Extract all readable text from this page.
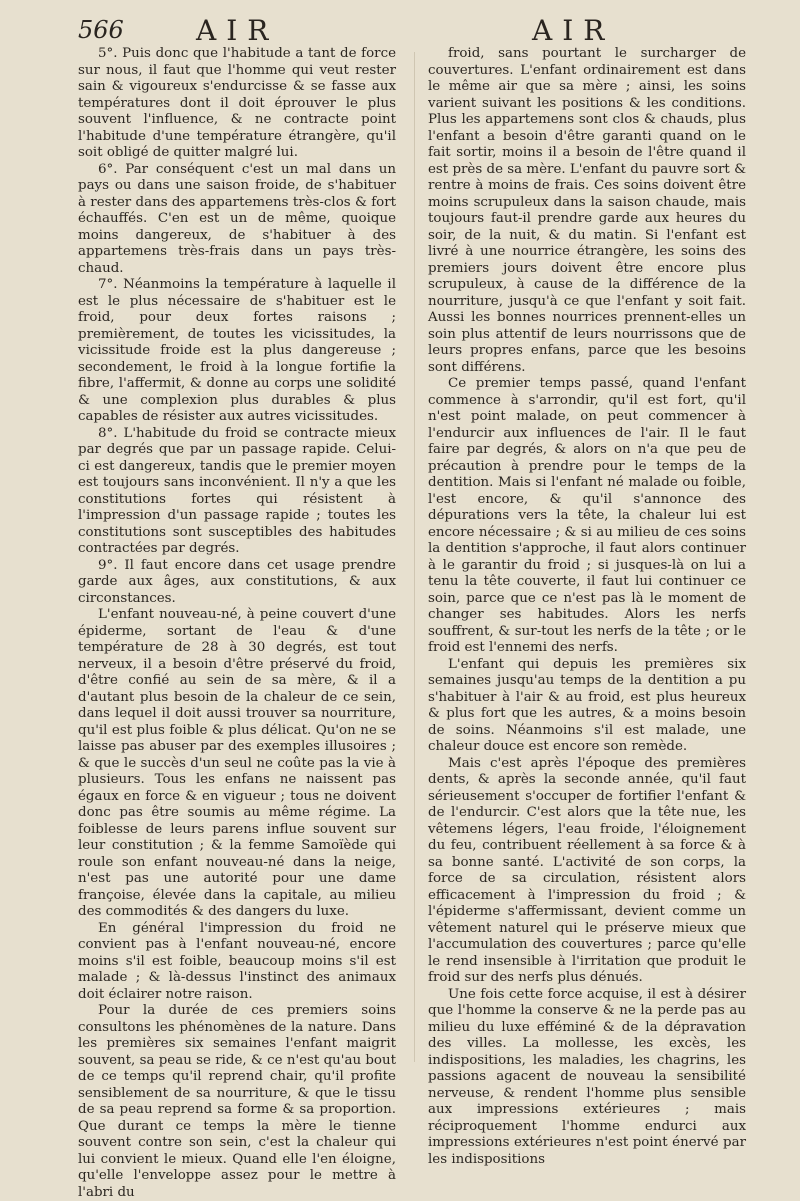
566	AIR	AIR

5°. Puis donc que l'habitude a tant de force sur nous, il faut que l'homme qui veut rester sain & vigoureux s'endurcisse & se fasse aux températures dont il doit éprouver le plus souvent l'influence, & ne contracte point l'habitude d'une température étrangère, qu'il soit obligé de quitter malgré lui.

6°. Par conséquent c'est un mal dans un pays ou dans une saison froide, de s'habituer à rester dans des appartemens très-clos & fort échauffés. C'en est un de même, quoique moins dangereux, de s'habituer à des appartemens très-frais dans un pays très-chaud.

7°. Néanmoins la température à laquelle il est le plus nécessaire de s'habituer est le froid, pour deux fortes raisons ; premièrement, de toutes les vicissitudes, la vicissitude froide est la plus dangereuse ; secondement, le froid à la longue fortifie la fibre, l'affermit, & donne au corps une solidité & une complexion plus durables & plus capables de résister aux autres vicissitudes.

8°. L'habitude du froid se contracte mieux par degrés que par un passage rapide. Celui-ci est dangereux, tandis que le premier moyen est toujours sans inconvénient. Il n'y a que les constitutions fortes qui résistent à l'impression d'un passage rapide ; toutes les constitutions sont susceptibles des habitudes contractées par degrés.

9°. Il faut encore dans cet usage prendre garde aux âges, aux constitutions, & aux circonstances.

L'enfant nouveau-né, à peine couvert d'une épiderme, sortant de l'eau & d'une température de 28 à 30 degrés, est tout nerveux, il a besoin d'être préservé du froid, d'être confié au sein de sa mère, & il a d'autant plus besoin de la chaleur de ce sein, dans lequel il doit aussi trouver sa nourriture, qu'il est plus foible & plus délicat. Qu'on ne se laisse pas abuser par des exemples illusoires ; & que le succès d'un seul ne coûte pas la vie à plusieurs. Tous les enfans ne naissent pas égaux en force & en vigueur ; tous ne doivent donc pas être soumis au même régime. La foiblesse de leurs parens influe souvent sur leur constitution ; & la femme Samoïède qui roule son enfant nouveau-né dans la neige, n'est pas une autorité pour une dame françoise, élevée dans la capitale, au milieu des commodités & des dangers du luxe.

En général l'impression du froid ne convient pas à l'enfant nouveau-né, encore moins s'il est foible, beaucoup moins s'il est malade ; & là-dessus l'instinct des animaux doit éclairer notre raison.

Pour la durée de ces premiers soins consultons les phénomènes de la nature. Dans les premières six semaines l'enfant maigrit souvent, sa peau se ride, & ce n'est qu'au bout de ce temps qu'il reprend chair, qu'il profite sensiblement de sa nourriture, & que le tissu de sa peau reprend sa forme & sa proportion. Que durant ce temps la mère le tienne souvent contre son sein, c'est la chaleur qui lui convient le mieux. Quand elle l'en éloigne, qu'elle l'enveloppe assez pour le mettre à l'abri du

froid, sans pourtant le surcharger de couvertures. L'enfant ordinairement est dans le même air que sa mère ; ainsi, les soins varient suivant les positions & les conditions. Plus les appartemens sont clos & chauds, plus l'enfant a besoin d'être garanti quand on le fait sortir, moins il a besoin de l'être quand il est près de sa mère. L'enfant du pauvre sort & rentre à moins de frais. Ces soins doivent être moins scrupuleux dans la saison chaude, mais toujours faut-il prendre garde aux heures du soir, de la nuit, & du matin. Si l'enfant est livré à une nourrice étrangère, les soins des premiers jours doivent être encore plus scrupuleux, à cause de la différence de la nourriture, jusqu'à ce que l'enfant y soit fait. Aussi les bonnes nourrices prennent-elles un soin plus attentif de leurs nourrissons que de leurs propres enfans, parce que les besoins sont différens.

Ce premier temps passé, quand l'enfant commence à s'arrondir, qu'il est fort, qu'il n'est point malade, on peut commencer à l'endurcir aux influences de l'air. Il le faut faire par degrés, & alors on n'a que peu de précaution à prendre pour le temps de la dentition. Mais si l'enfant né malade ou foible, l'est encore, & qu'il s'annonce des dépurations vers la tête, la chaleur lui est encore nécessaire ; & si au milieu de ces soins la dentition s'approche, il faut alors continuer à le garantir du froid ; si jusques-là on lui a tenu la tête couverte, il faut lui continuer ce soin, parce que ce n'est pas là le moment de changer ses habitudes. Alors les nerfs souffrent, & sur-tout les nerfs de la tête ; or le froid est l'ennemi des nerfs.

L'enfant qui depuis les premières six semaines jusqu'au temps de la dentition a pu s'habituer à l'air & au froid, est plus heureux & plus fort que les autres, & a moins besoin de soins. Néanmoins s'il est malade, une chaleur douce est encore son remède.

Mais c'est après l'époque des premières dents, & après la seconde année, qu'il faut sérieusement s'occuper de fortifier l'enfant & de l'endurcir. C'est alors que la tête nue, les vêtemens légers, l'eau froide, l'éloignement du feu, contribuent réellement à sa force & à sa bonne santé. L'activité de son corps, la force de sa circulation, résistent alors efficacement à l'impression du froid ; & l'épiderme s'affermissant, devient comme un vêtement naturel qui le préserve mieux que l'accumulation des couvertures ; parce qu'elle le rend insensible à l'irritation que produit le froid sur des nerfs plus dénués.

Une fois cette force acquise, il est à désirer que l'homme la conserve & ne la perde pas au milieu du luxe efféminé & de la dépravation des villes. La mollesse, les excès, les indispositions, les maladies, les chagrins, les passions agacent de nouveau la sensibilité nerveuse, & rendent l'homme plus sensible aux impressions extérieures ; mais réciproquement l'homme endurci aux impressions extérieures n'est point énervé par les indispositions
